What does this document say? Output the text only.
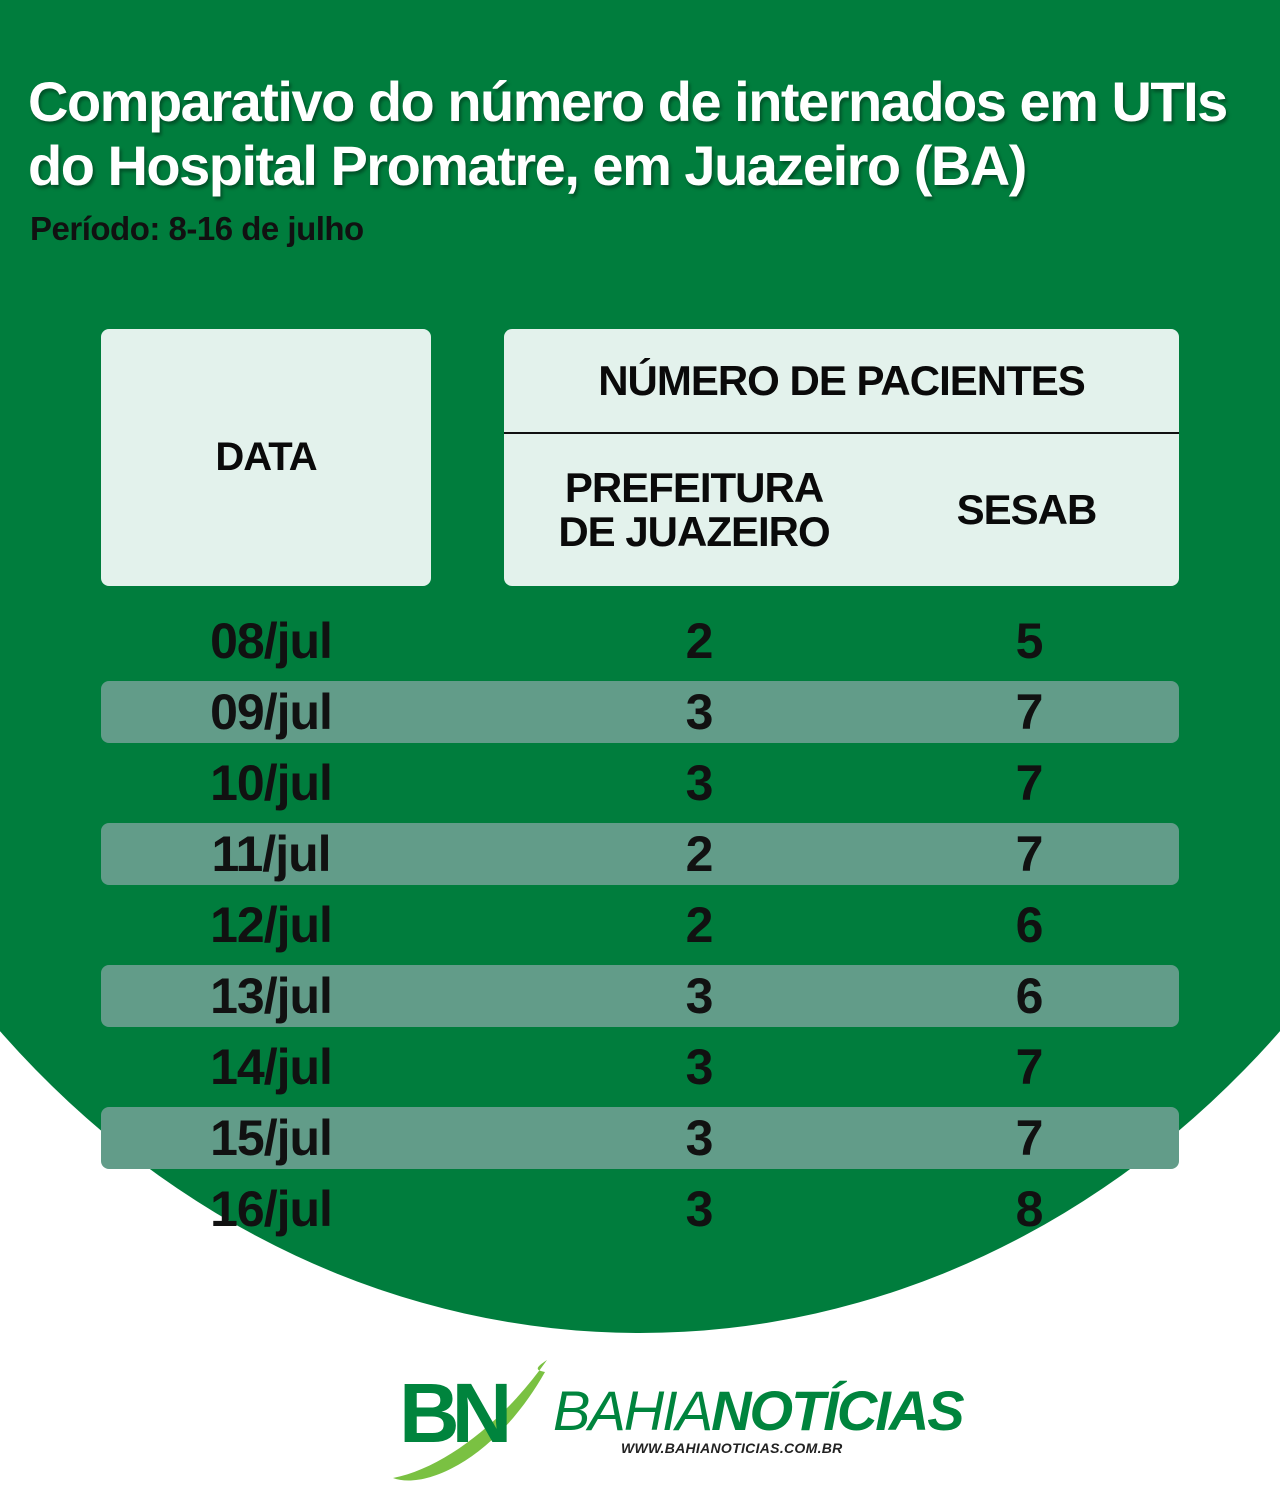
Comparativo do número de internados em UTIs
do Hospital Promatre, em Juazeiro (BA)
Período: 8-16 de julho
DATA
NÚMERO DE PACIENTES
PREFEITURA
DE JUAZEIRO	SESAB
08/jul	2	5
09/jul	3	7
10/jul	3	7
11/jul	2	7
12/jul	2	6
13/jul	3	6
14/jul	3	7
15/jul	3	7
16/jul	3	8
BN BAHIANOTÍCIAS
WWW.BAHIANOTICIAS.COM.BR
